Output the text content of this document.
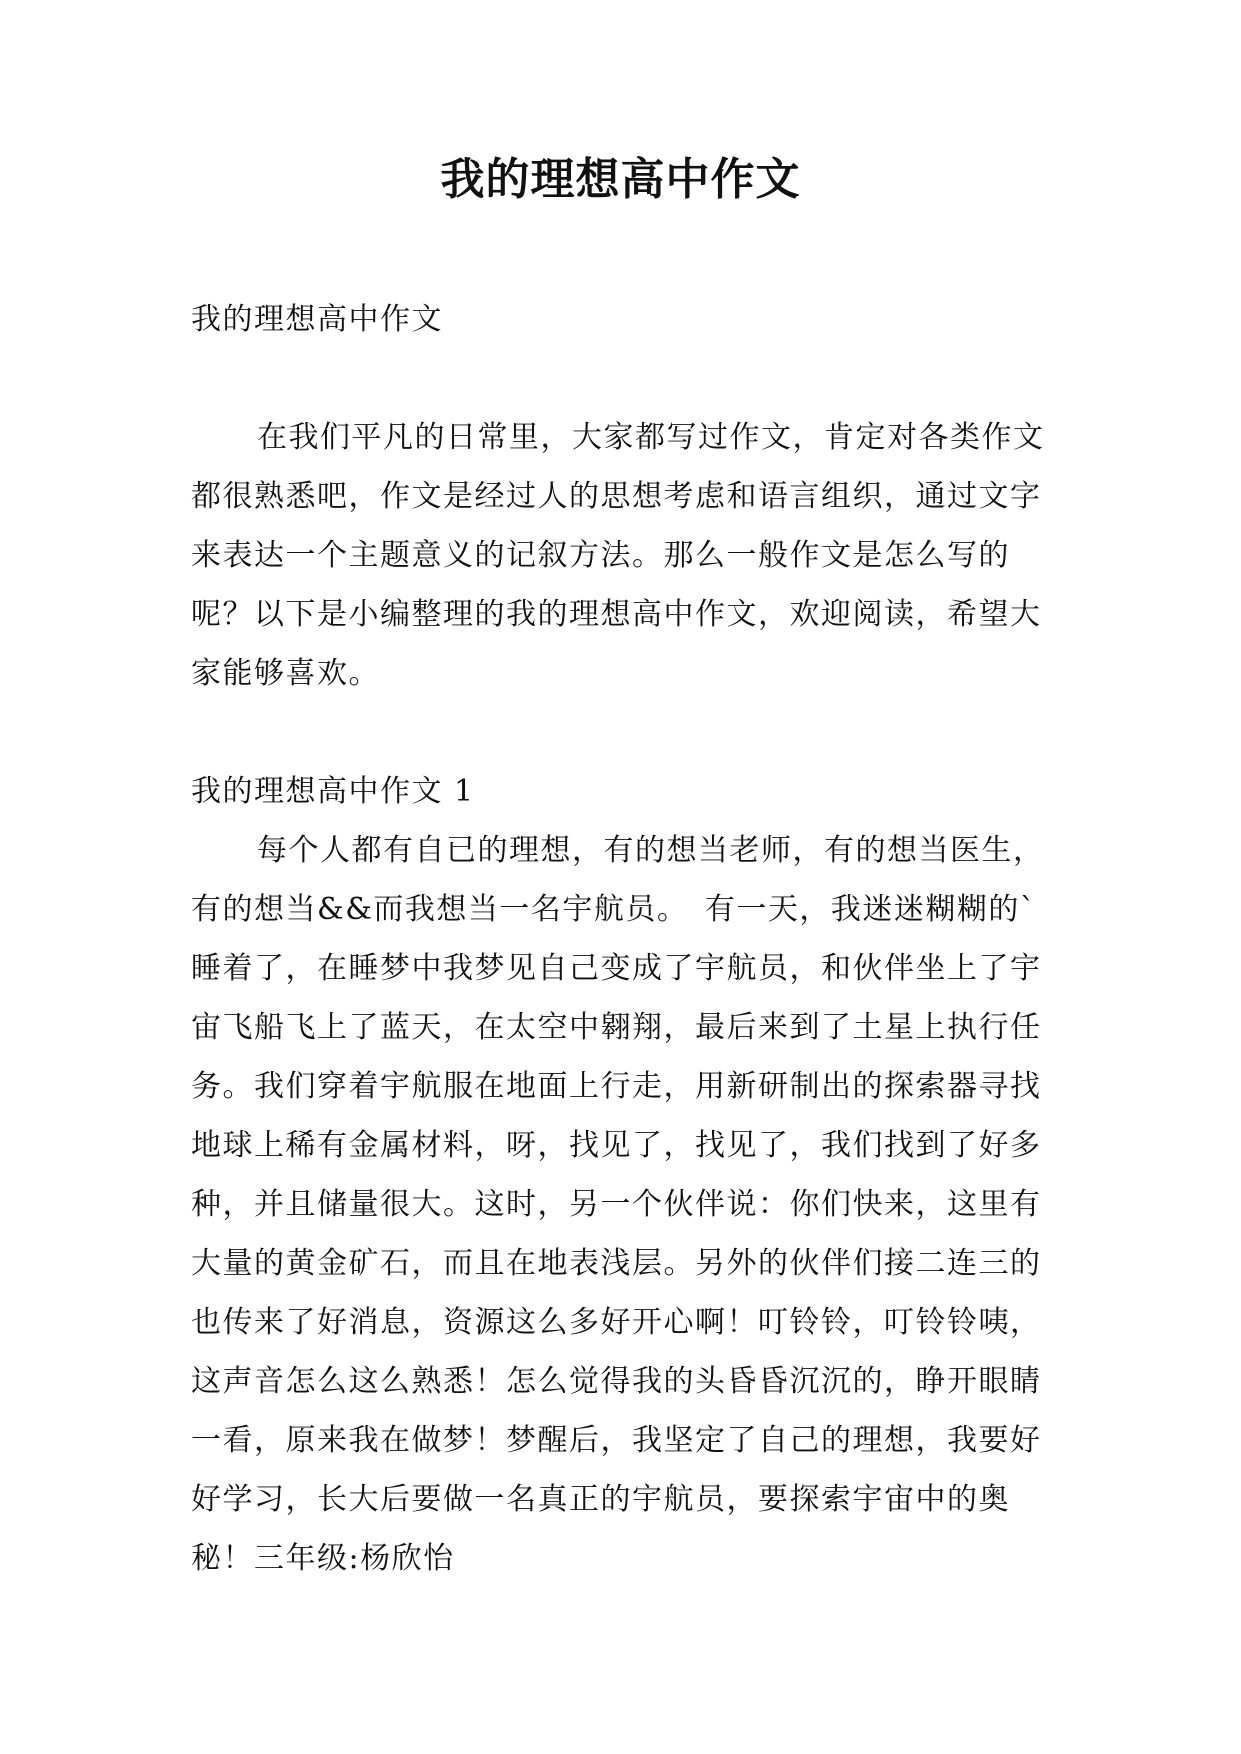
我的理想高中作文

我的理想高中作文

在我们平凡的日常里，大家都写过作文，肯定对各类作文都很熟悉吧，作文是经过人的思想考虑和语言组织，通过文字来表达一个主题意义的记叙方法。那么一般作文是怎么写的呢？以下是小编整理的我的理想高中作文，欢迎阅读，希望大家能够喜欢。

我的理想高中作文 1

每个人都有自已的理想，有的想当老师，有的想当医生，有的想当&&而我想当一名宇航员。　有一天，我迷迷糊糊的`睡着了，在睡梦中我梦见自己变成了宇航员，和伙伴坐上了宇宙飞船飞上了蓝天，在太空中翱翔，最后来到了土星上执行任务。我们穿着宇航服在地面上行走，用新研制出的探索器寻找地球上稀有金属材料，呀，找见了，找见了，我们找到了好多种，并且储量很大。这时，另一个伙伴说：你们快来，这里有大量的黄金矿石，而且在地表浅层。另外的伙伴们接二连三的也传来了好消息，资源这么多好开心啊！叮铃铃，叮铃铃咦，这声音怎么这么熟悉！怎么觉得我的头昏昏沉沉的，睁开眼睛一看，原来我在做梦！梦醒后，我坚定了自己的理想，我要好好学习，长大后要做一名真正的宇航员，要探索宇宙中的奥秘！三年级:杨欣怡
